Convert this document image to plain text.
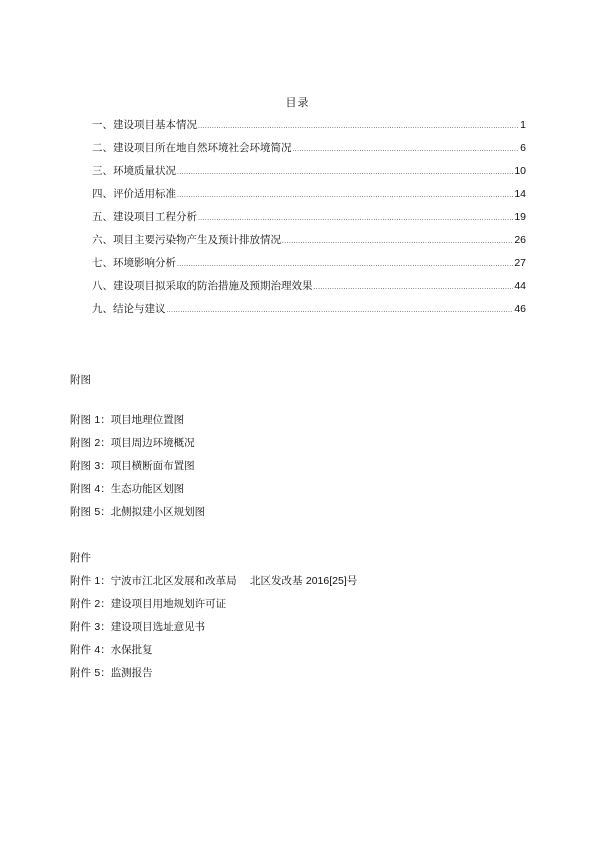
目录
一、建设项目基本情况 .....	1
二、建设项目所在地自然环境社会环境简况 .....	6
三、环境质量状况 .....	10
四、评价适用标准 .....	14
五、建设项目工程分析 .....	19
六、项目主要污染物产生及预计排放情况 .....	26
七、环境影响分析 .....	27
八、建设项目拟采取的防治措施及预期治理效果 .....	44
九、结论与建议 .....	46
附图
附图 1：项目地理位置图
附图 2：项目周边环境概况
附图 3：项目横断面布置图
附图 4：生态功能区划图
附图 5：北侧拟建小区规划图
附件
附件 1：宁波市江北区发展和改革局    北区发改基 2016[25]号
附件 2：建设项目用地规划许可证
附件 3：建设项目选址意见书
附件 4：水保批复
附件 5：监测报告
